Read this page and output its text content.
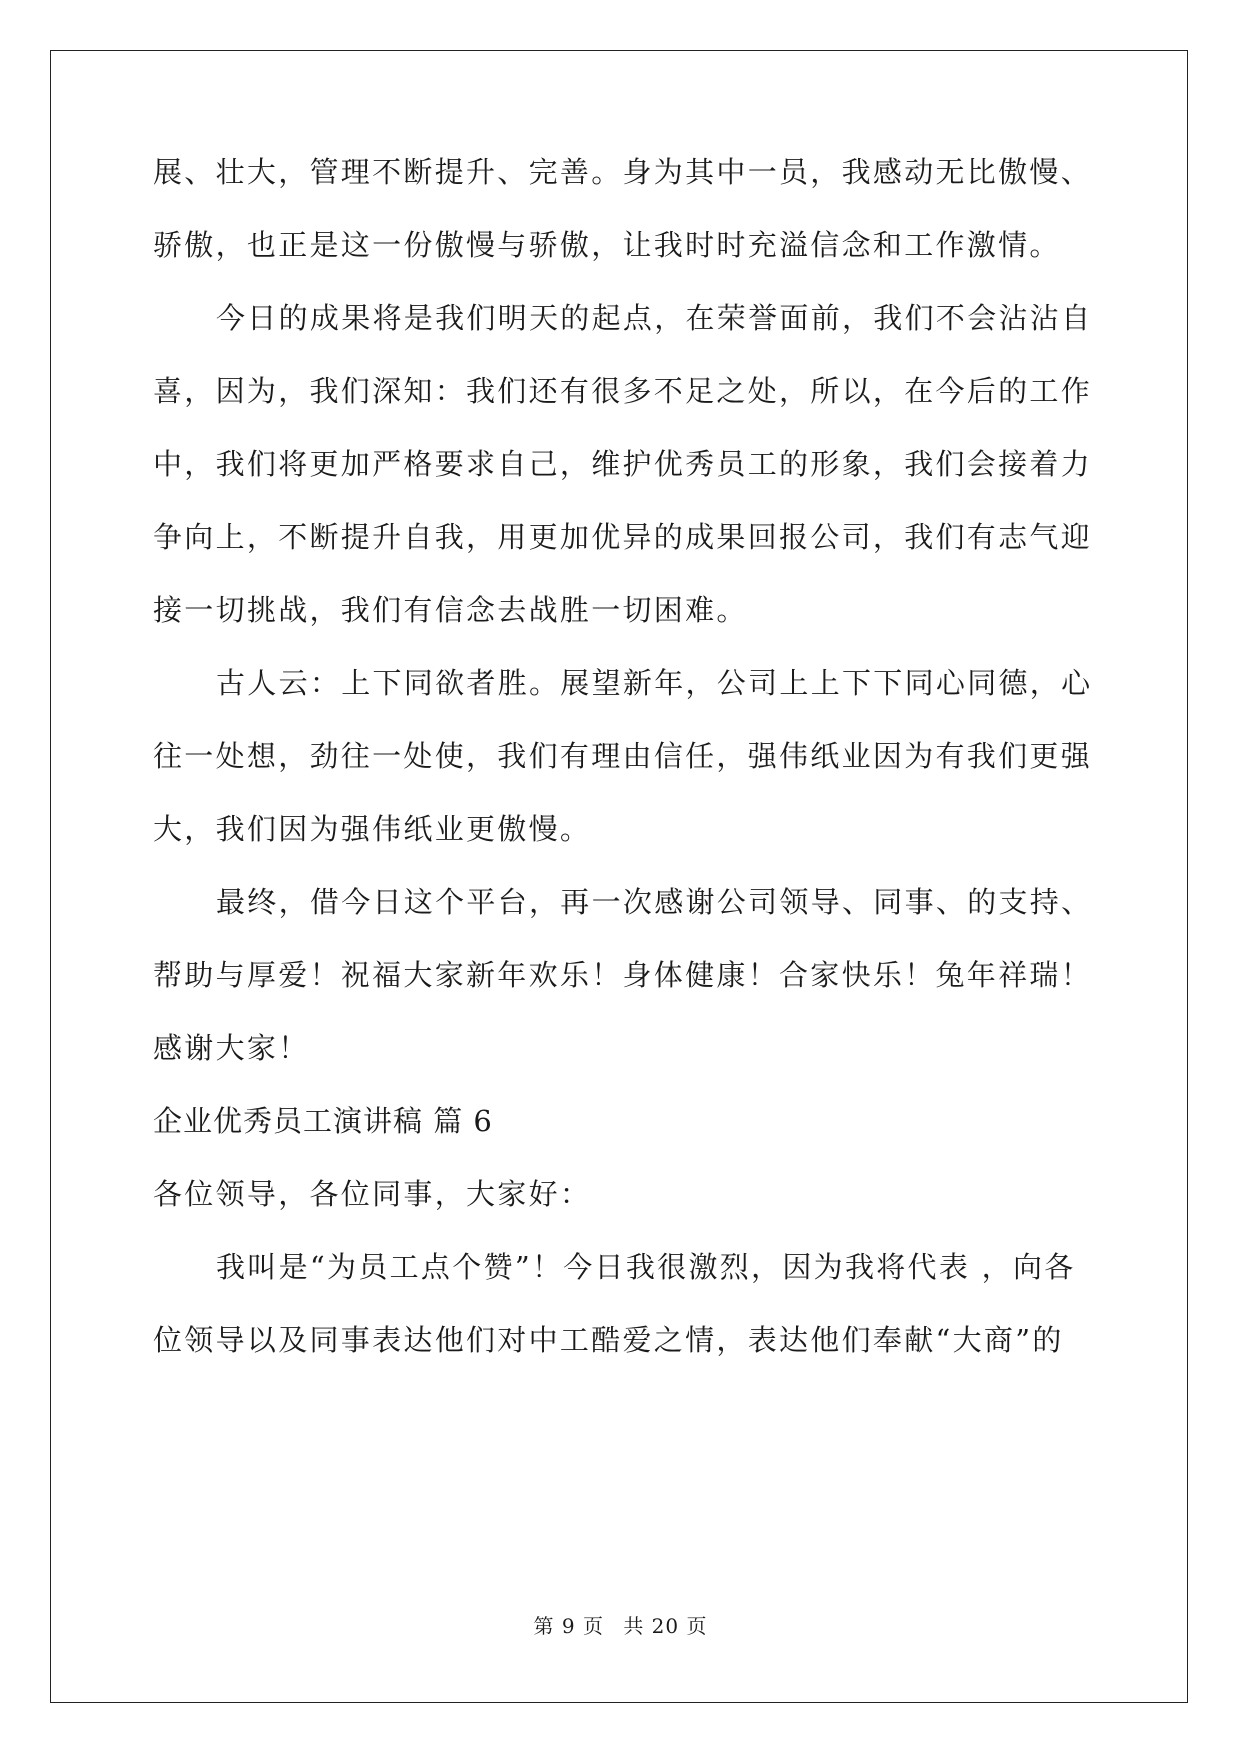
展、壮大，管理不断提升、完善。身为其中一员，我感动无比傲慢、
骄傲，也正是这一份傲慢与骄傲，让我时时充溢信念和工作激情。
今日的成果将是我们明天的起点，在荣誉面前，我们不会沾沾自
喜，因为，我们深知：我们还有很多不足之处，所以，在今后的工作
中，我们将更加严格要求自己，维护优秀员工的形象，我们会接着力
争向上，不断提升自我，用更加优异的成果回报公司，我们有志气迎
接一切挑战，我们有信念去战胜一切困难。
古人云：上下同欲者胜。展望新年，公司上上下下同心同德，心
往一处想，劲往一处使，我们有理由信任，强伟纸业因为有我们更强
大，我们因为强伟纸业更傲慢。
最终，借今日这个平台，再一次感谢公司领导、同事、的支持、
帮助与厚爱！祝福大家新年欢乐！身体健康！合家快乐！兔年祥瑞！
感谢大家！
企业优秀员工演讲稿 篇 6
各位领导，各位同事，大家好：
我叫是“为员工点个赞”！今日我很激烈，因为我将代表 ，向各
位领导以及同事表达他们对中工酷爱之情，表达他们奉献“大商”的
第 9 页 共 20 页
